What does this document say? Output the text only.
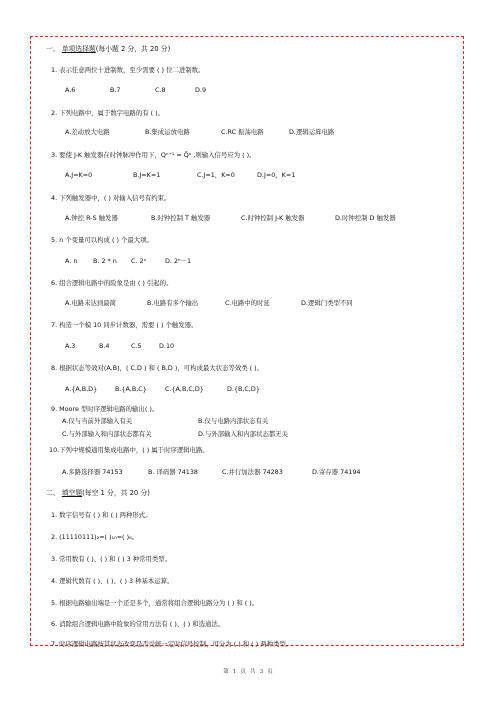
一、 单项选择题(每小题 2 分，共 20 分)
1. 表示任意两位十进制数，至少需要 ( ) 位二进制数。
A.6	B.7	C.8	D.9
2. 下列电路中，属于数字电路的有 ( )。
A.差动放大电路	B.集成运放电路	C.RC 振荡电路	D.逻辑运算电路
3. 要使 J-K 触发器在时钟脉冲作用下，Qⁿ⁺¹ = Q̄ⁿ ,则输入信号应为 ( )。
A.J=K=0	B.J=K=1	C.J=1，K=0	D.J=0，K=1
4. 下列触发器中，( ) 对输入信号有约束。
A.钟控 R-S 触发器	B.时钟控制 T 触发器	C.时钟控制 J-K 触发器	D.时钟控制 D 触发器
5. n 个变量可以构成 ( ) 个最大项。
A. n	B. 2 * n	C. 2ⁿ	D. 2ⁿ－1
6. 组合逻辑电路中的险象是由 ( ) 引起的。
A.电路未达到最简	B.电路有多个输出	C.电路中的时延	D.逻辑门类型不同
7. 构造一个模 10 同步计数器，需要 ( ) 个触发器。
A.3	B.4	C.5	D.10
8. 根据状态等效对(A,B)，( C,D ) 和 ( B,D )，可构成最大状态等效类 ( )。
A.{A,B,D}	B.{A,B,C}	C.{A,B,C,D}	D.{B,C,D}
9. Moore 型时序逻辑电路的输出( )。
A.仅与当前外部输入有关	B.仅与电路内部状态有关
C.与外部输入和内部状态都有关	D.与外部输入和内部状态都无关
10.下列中规模通用集成电路中，( ) 属于时序逻辑电路。
A.多路选择器 74153	B. 译码器 74138	C.并行加法器 74283	D.寄存器 74194
二、 填空题(每空 1 分，共 20 分)
1. 数字信号有 ( ) 和 ( ) 两种形式。
2. (11110111)₂=( )₁₀=( )₈。
3. 常用数有 ( )、( ) 和 ( ) 3 种常用类型。
4. 逻辑代数有 ( )、( )、( ) 3 种基本运算。
5. 根据电路输出端是一个还是多个，通常将组合逻辑电路分为 ( ) 和 ( )。
6. 消除组合逻辑电路中险象的常用方法有 ( )、( ) 和选通法。
7. 时序逻辑电路按其状态改变是否受统一定时信号控制，可分为 ( ) 和 ( ) 两种类型。
第 1 页 共 3 页
